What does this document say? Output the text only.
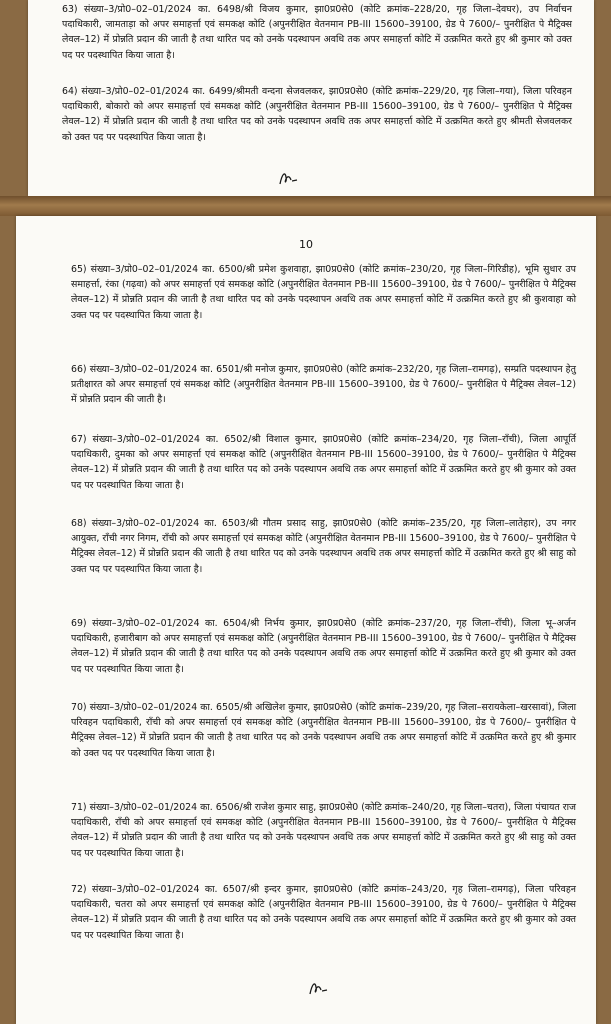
63) संख्या–3/प्रो0–02–01/2024 का. 6498/श्री विजय कुमार, झा0प्र0से0 (कोटि क्रमांक–228/20, गृह जिला–देवघर), उप निर्वाचन पदाधिकारी, जामताड़ा को अपर समाहर्त्ता एवं समकक्ष कोटि (अपुनरीक्षित वेतनमान PB-III 15600–39100, ग्रेड पे 7600/– पुनरीक्षित पे मैट्रिक्स लेवल–12) में प्रोन्नति प्रदान की जाती है तथा धारित पद को उनके पदस्थापन अवधि तक अपर समाहर्त्ता कोटि में उत्क्रमित करते हुए श्री कुमार को उक्त पद पर पदस्थापित किया जाता है।
64) संख्या–3/प्रो0–02–01/2024 का. 6499/श्रीमती वन्दना सेजवलकर, झा0प्र0से0 (कोटि क्रमांक–229/20, गृह जिला–गया), जिला परिवहन पदाधिकारी, बोकारो को अपर समाहर्त्ता एवं समकक्ष कोटि (अपुनरीक्षित वेतनमान PB-III 15600–39100, ग्रेड पे 7600/– पुनरीक्षित पे मैट्रिक्स लेवल–12) में प्रोन्नति प्रदान की जाती है तथा धारित पद को उनके पदस्थापन अवधि तक अपर समाहर्त्ता कोटि में उत्क्रमित करते हुए श्रीमती सेजवलकर को उक्त पद पर पदस्थापित किया जाता है।
10
65) संख्या–3/प्रो0–02–01/2024 का. 6500/श्री प्रमेश कुशवाहा, झा0प्र0से0 (कोटि क्रमांक–230/20, गृह जिला–गिरिडीह), भूमि सुधार उप समाहर्त्ता, रंका (गढ़वा) को अपर समाहर्त्ता एवं समकक्ष कोटि (अपुनरीक्षित वेतनमान PB-III 15600–39100, ग्रेड पे 7600/– पुनरीक्षित पे मैट्रिक्स लेवल–12) में प्रोन्नति प्रदान की जाती है तथा धारित पद को उनके पदस्थापन अवधि तक अपर समाहर्त्ता कोटि में उत्क्रमित करते हुए श्री कुशवाहा को उक्त पद पर पदस्थापित किया जाता है।
66) संख्या–3/प्रो0–02–01/2024 का. 6501/श्री मनोज कुमार, झा0प्र0से0 (कोटि क्रमांक–232/20, गृह जिला–रामगढ़), सम्प्रति पदस्थापन हेतु प्रतीक्षारत को अपर समाहर्त्ता एवं समकक्ष कोटि (अपुनरीक्षित वेतनमान PB-III 15600–39100, ग्रेड पे 7600/– पुनरीक्षित पे मैट्रिक्स लेवल–12) में प्रोन्नति प्रदान की जाती है।
67) संख्या–3/प्रो0–02–01/2024 का. 6502/श्री विशाल कुमार, झा0प्र0से0 (कोटि क्रमांक–234/20, गृह जिला–राँची), जिला आपूर्ति पदाधिकारी, दुमका को अपर समाहर्त्ता एवं समकक्ष कोटि (अपुनरीक्षित वेतनमान PB-III 15600–39100, ग्रेड पे 7600/– पुनरीक्षित पे मैट्रिक्स लेवल–12) में प्रोन्नति प्रदान की जाती है तथा धारित पद को उनके पदस्थापन अवधि तक अपर समाहर्त्ता कोटि में उत्क्रमित करते हुए श्री कुमार को उक्त पद पर पदस्थापित किया जाता है।
68) संख्या–3/प्रो0–02–01/2024 का. 6503/श्री गौतम प्रसाद साहु, झा0प्र0से0 (कोटि क्रमांक–235/20, गृह जिला–लातेहार), उप नगर आयुक्त, राँची नगर निगम, राँची को अपर समाहर्त्ता एवं समकक्ष कोटि (अपुनरीक्षित वेतनमान PB-III 15600–39100, ग्रेड पे 7600/– पुनरीक्षित पे मैट्रिक्स लेवल–12) में प्रोन्नति प्रदान की जाती है तथा धारित पद को उनके पदस्थापन अवधि तक अपर समाहर्त्ता कोटि में उत्क्रमित करते हुए श्री साहु को उक्त पद पर पदस्थापित किया जाता है।
69) संख्या–3/प्रो0–02–01/2024 का. 6504/श्री निर्भय कुमार, झा0प्र0से0 (कोटि क्रमांक–237/20, गृह जिला–राँची), जिला भू–अर्जन पदाधिकारी, हजारीबाग को अपर समाहर्त्ता एवं समकक्ष कोटि (अपुनरीक्षित वेतनमान PB-III 15600–39100, ग्रेड पे 7600/– पुनरीक्षित पे मैट्रिक्स लेवल–12) में प्रोन्नति प्रदान की जाती है तथा धारित पद को उनके पदस्थापन अवधि तक अपर समाहर्त्ता कोटि में उत्क्रमित करते हुए श्री कुमार को उक्त पद पर पदस्थापित किया जाता है।
70) संख्या–3/प्रो0–02–01/2024 का. 6505/श्री अखिलेश कुमार, झा0प्र0से0 (कोटि क्रमांक–239/20, गृह जिला–सरायकेला–खरसावां), जिला परिवहन पदाधिकारी, राँची को अपर समाहर्त्ता एवं समकक्ष कोटि (अपुनरीक्षित वेतनमान PB-III 15600–39100, ग्रेड पे 7600/– पुनरीक्षित पे मैट्रिक्स लेवल–12) में प्रोन्नति प्रदान की जाती है तथा धारित पद को उनके पदस्थापन अवधि तक अपर समाहर्त्ता कोटि में उत्क्रमित करते हुए श्री कुमार को उक्त पद पर पदस्थापित किया जाता है।
71) संख्या–3/प्रो0–02–01/2024 का. 6506/श्री राजेश कुमार साहु, झा0प्र0से0 (कोटि क्रमांक–240/20, गृह जिला–चतरा), जिला पंचायत राज पदाधिकारी, राँची को अपर समाहर्त्ता एवं समकक्ष कोटि (अपुनरीक्षित वेतनमान PB-III 15600–39100, ग्रेड पे 7600/– पुनरीक्षित पे मैट्रिक्स लेवल–12) में प्रोन्नति प्रदान की जाती है तथा धारित पद को उनके पदस्थापन अवधि तक अपर समाहर्त्ता कोटि में उत्क्रमित करते हुए श्री साहु को उक्त पद पर पदस्थापित किया जाता है।
72) संख्या–3/प्रो0–02–01/2024 का. 6507/श्री इन्दर कुमार, झा0प्र0से0 (कोटि क्रमांक–243/20, गृह जिला–रामगढ़), जिला परिवहन पदाधिकारी, चतरा को अपर समाहर्त्ता एवं समकक्ष कोटि (अपुनरीक्षित वेतनमान PB-III 15600–39100, ग्रेड पे 7600/– पुनरीक्षित पे मैट्रिक्स लेवल–12) में प्रोन्नति प्रदान की जाती है तथा धारित पद को उनके पदस्थापन अवधि तक अपर समाहर्त्ता कोटि में उत्क्रमित करते हुए श्री कुमार को उक्त पद पर पदस्थापित किया जाता है।
